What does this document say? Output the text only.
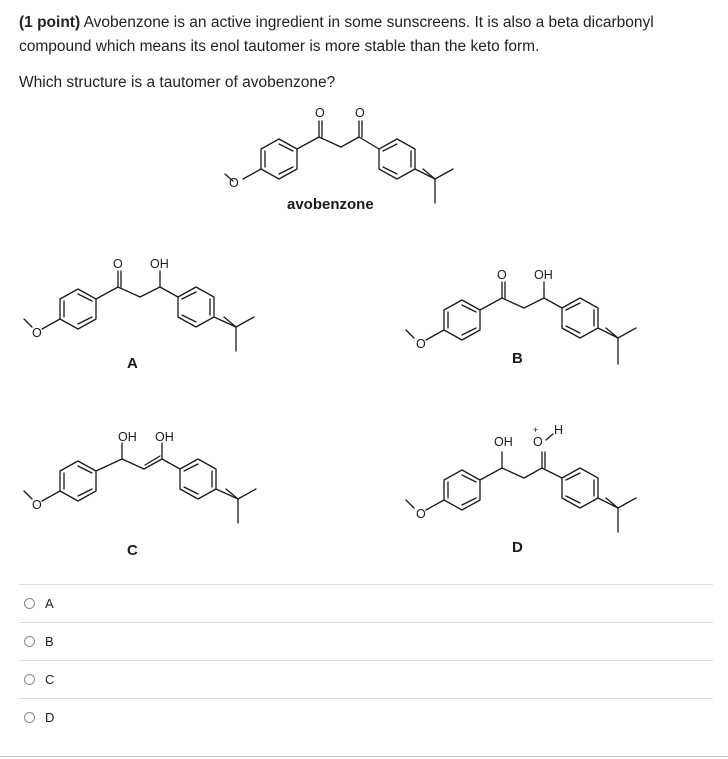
(1 point) Avobenzone is an active ingredient in some sunscreens. It is also a beta dicarbonyl compound which means its enol tautomer is more stable than the keto form.
Which structure is a tautomer of avobenzone?
O
O O
avobenzone
O
O OH
A
O
O OH
B
O
OH OH
C
O
OH O
+ H
D
A
B
C
D
